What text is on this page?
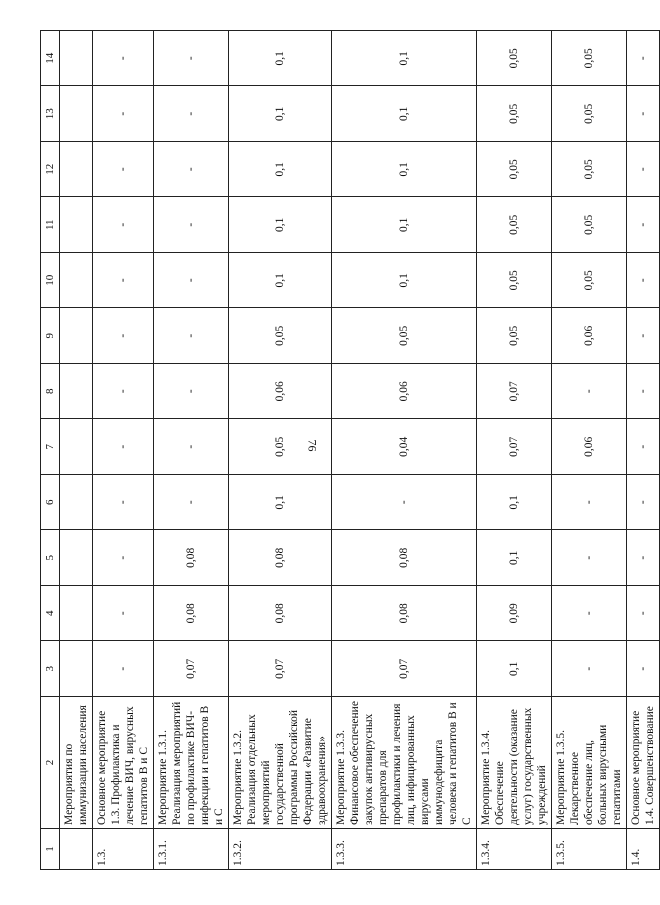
76
1	2	3	4	5	6	7	8	9	10	11	12	13	14
	Мероприятия по иммунизации населения												
1.3.	Основное мероприятие 1.3. Профилактика и лечение ВИЧ, вирусных гепатитов В и С	-	-	-	-	-	-	-	-	-	-	-	-
1.3.1.	Мероприятие 1.3.1. Реализация мероприятий по профилактике ВИЧ-инфекции и гепатитов В и С	0,07	0,08	0,08	-	-	-	-	-	-	-	-	-
1.3.2.	Мероприятие 1.3.2. Реализация отдельных мероприятий государственной программы Российской Федерации «Развитие здравоохранения»	0,07	0,08	0,08	0,1	0,05	0,06	0,05	0,1	0,1	0,1	0,1	0,1
1.3.3.	Мероприятие 1.3.3. Финансовое обеспечение закупок антивирусных препаратов для профилактики и лечения лиц, инфицированных вирусами иммунодефицита человека и гепатитов В и С	0,07	0,08	0,08	-	0,04	0,06	0,05	0,1	0,1	0,1	0,1	0,1
1.3.4.	Мероприятие 1.3.4. Обеспечение деятельности (оказание услуг) государственных учреждений	0,1	0,09	0,1	0,1	0,07	0,07	0,05	0,05	0,05	0,05	0,05	0,05
1.3.5.	Мероприятие 1.3.5. Лекарственное обеспечение лиц, больных вирусными гепатитами	-	-	-	-	0,06	-	0,06	0,05	0,05	0,05	0,05	0,05
1.4.	Основное мероприятие 1.4. Совершенствование	-	-	-	-	-	-	-	-	-	-	-	-
